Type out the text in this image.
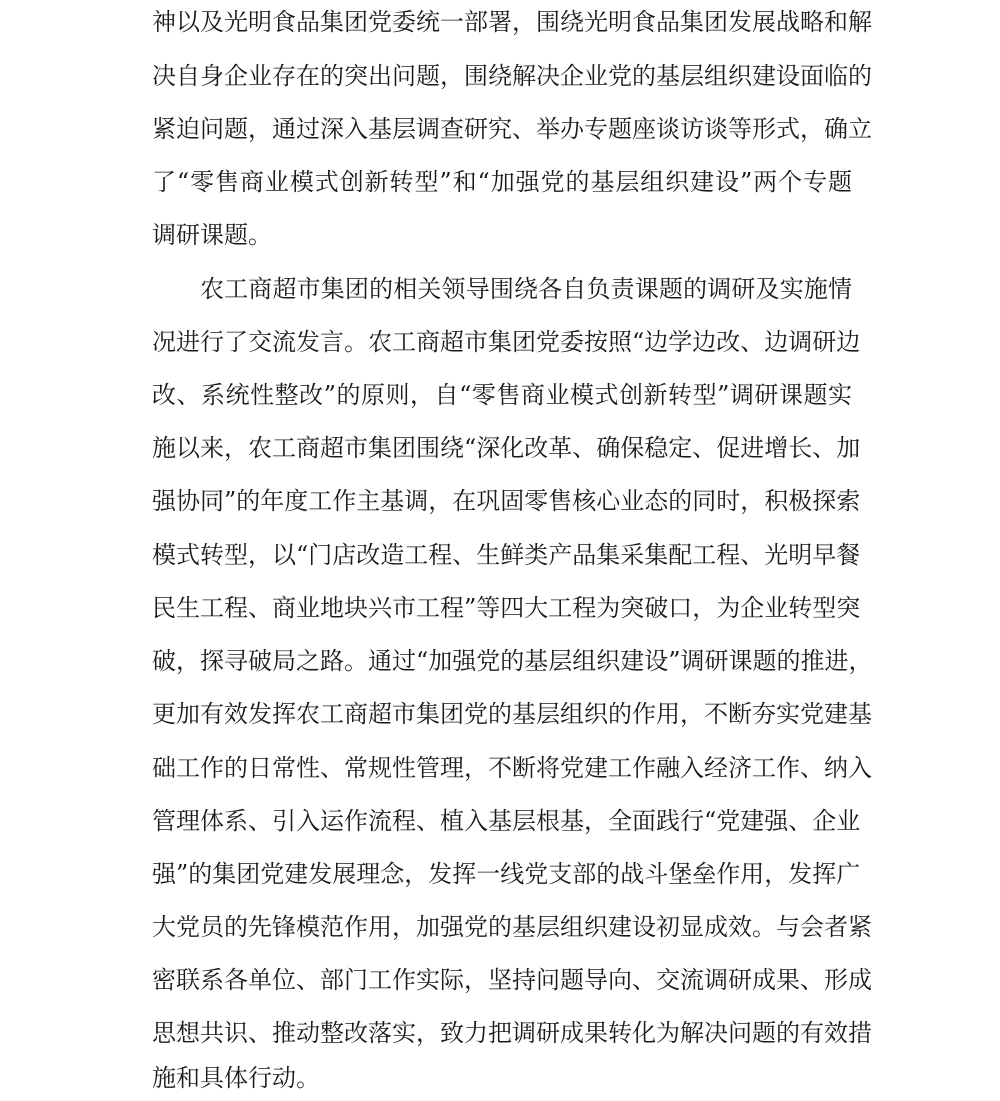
神以及光明食品集团党委统一部署，围绕光明食品集团发展战略和解
决自身企业存在的突出问题，围绕解决企业党的基层组织建设面临的
紧迫问题，通过深入基层调查研究、举办专题座谈访谈等形式，确立
了“零售商业模式创新转型”和“加强党的基层组织建设”两个专题
调研课题。
农工商超市集团的相关领导围绕各自负责课题的调研及实施情
况进行了交流发言。农工商超市集团党委按照“边学边改、边调研边
改、系统性整改”的原则，自“零售商业模式创新转型”调研课题实
施以来，农工商超市集团围绕“深化改革、确保稳定、促进增长、加
强协同”的年度工作主基调，在巩固零售核心业态的同时，积极探索
模式转型，以“门店改造工程、生鲜类产品集采集配工程、光明早餐
民生工程、商业地块兴市工程”等四大工程为突破口，为企业转型突
破，探寻破局之路。通过“加强党的基层组织建设”调研课题的推进，
更加有效发挥农工商超市集团党的基层组织的作用，不断夯实党建基
础工作的日常性、常规性管理，不断将党建工作融入经济工作、纳入
管理体系、引入运作流程、植入基层根基，全面践行“党建强、企业
强”的集团党建发展理念，发挥一线党支部的战斗堡垒作用，发挥广
大党员的先锋模范作用，加强党的基层组织建设初显成效。与会者紧
密联系各单位、部门工作实际，坚持问题导向、交流调研成果、形成
思想共识、推动整改落实，致力把调研成果转化为解决问题的有效措
施和具体行动。
